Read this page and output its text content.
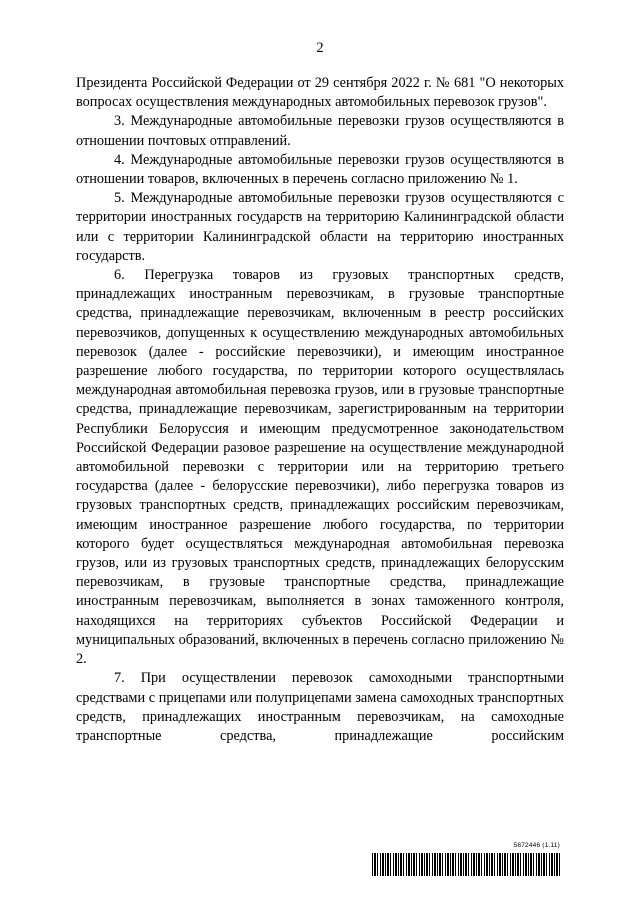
2

Президента Российской Федерации от 29 сентября 2022 г. № 681 "О некоторых вопросах осуществления международных автомобильных перевозок грузов".

3. Международные автомобильные перевозки грузов осуществляются в отношении почтовых отправлений.

4. Международные автомобильные перевозки грузов осуществляются в отношении товаров, включенных в перечень согласно приложению № 1.

5. Международные автомобильные перевозки грузов осуществляются с территории иностранных государств на территорию Калининградской области или с территории Калининградской области на территорию иностранных государств.

6. Перегрузка товаров из грузовых транспортных средств, принадлежащих иностранным перевозчикам, в грузовые транспортные средства, принадлежащие перевозчикам, включенным в реестр российских перевозчиков, допущенных к осуществлению международных автомобильных перевозок (далее - российские перевозчики), и имеющим иностранное разрешение любого государства, по территории которого осуществлялась международная автомобильная перевозка грузов, или в грузовые транспортные средства, принадлежащие перевозчикам, зарегистрированным на территории Республики Белоруссия и имеющим предусмотренное законодательством Российской Федерации разовое разрешение на осуществление международной автомобильной перевозки с территории или на территорию третьего государства (далее - белорусские перевозчики), либо перегрузка товаров из грузовых транспортных средств, принадлежащих российским перевозчикам, имеющим иностранное разрешение любого государства, по территории которого будет осуществляться международная автомобильная перевозка грузов, или из грузовых транспортных средств, принадлежащих белорусским перевозчикам, в грузовые транспортные средства, принадлежащие иностранным перевозчикам, выполняется в зонах таможенного контроля, находящихся на территориях субъектов Российской Федерации и муниципальных образований, включенных в перечень согласно приложению № 2.

7. При осуществлении перевозок самоходными транспортными средствами с прицепами или полуприцепами замена самоходных транспортных средств, принадлежащих иностранным перевозчикам, на самоходные транспортные средства, принадлежащие российским

5872446 (1.11)
